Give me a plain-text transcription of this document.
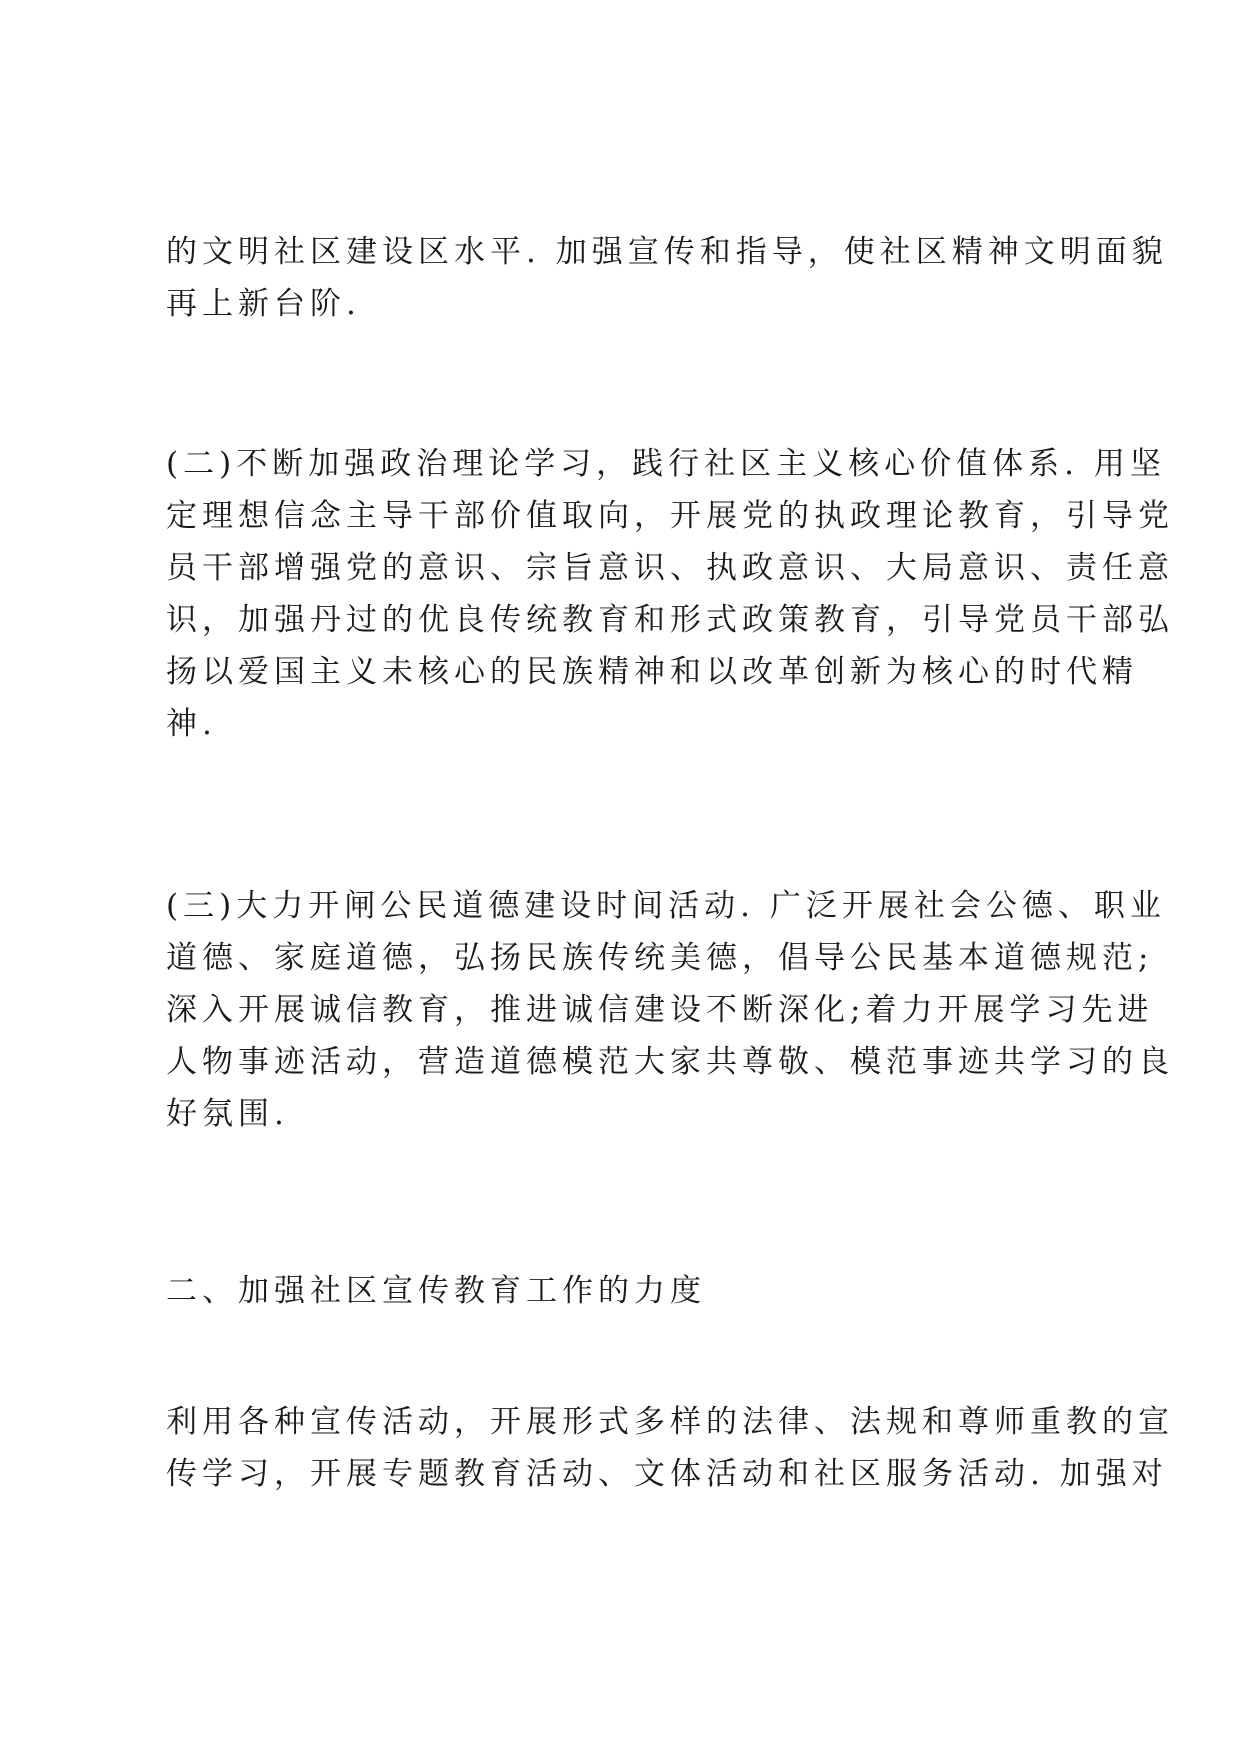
的文明社区建设区水平. 加强宣传和指导，使社区精神文明面貌
再上新台阶.
(二)不断加强政治理论学习，践行社区主义核心价值体系. 用坚
定理想信念主导干部价值取向，开展党的执政理论教育，引导党
员干部增强党的意识、宗旨意识、执政意识、大局意识、责任意
识，加强丹过的优良传统教育和形式政策教育，引导党员干部弘
扬以爱国主义未核心的民族精神和以改革创新为核心的时代精
神.
(三)大力开闸公民道德建设时间活动. 广泛开展社会公德、职业
道德、家庭道德，弘扬民族传统美德，倡导公民基本道德规范;
深入开展诚信教育，推进诚信建设不断深化;着力开展学习先进
人物事迹活动，营造道德模范大家共尊敬、模范事迹共学习的良
好氛围.
二、加强社区宣传教育工作的力度
利用各种宣传活动，开展形式多样的法律、法规和尊师重教的宣
传学习，开展专题教育活动、文体活动和社区服务活动. 加强对
